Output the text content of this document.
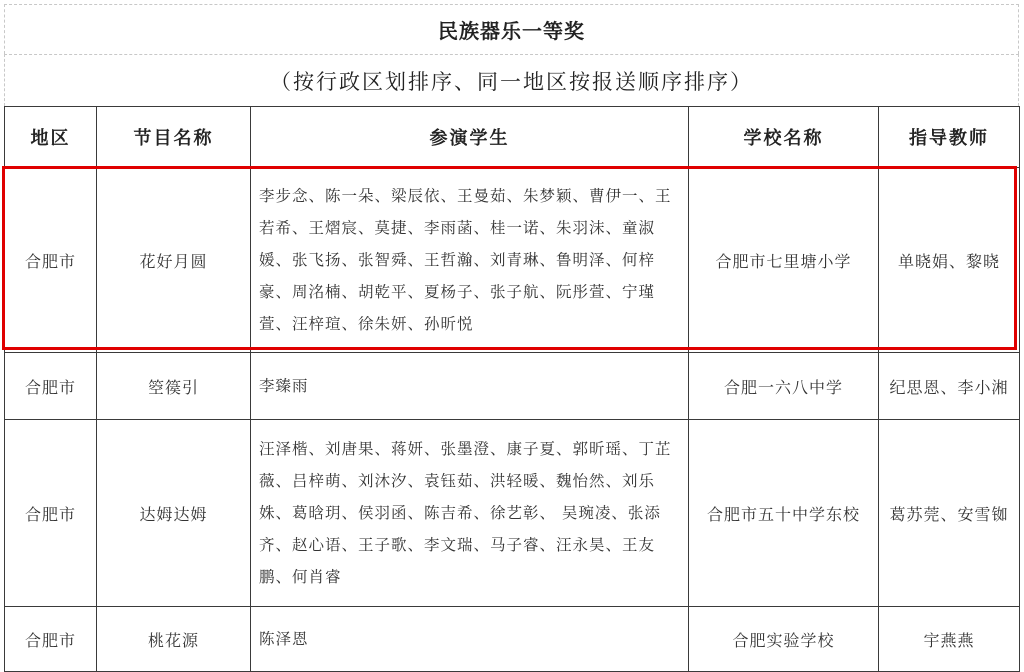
民族器乐一等奖
（按行政区划排序、同一地区按报送顺序排序）
地区	节目名称	参演学生	学校名称	指导教师
合肥市	花好月圆	李步念、陈一朵、梁辰依、王曼茹、朱梦颖、曹伊一、王若希、王熠宸、莫捷、李雨菡、桂一诺、朱羽沫、童淑媛、张飞扬、张智舜、王哲瀚、刘青琳、鲁明泽、何梓豪、周洺楠、胡乾平、夏杨子、张子航、阮彤萱、宁瑾萱、汪梓瑄、徐朱妍、孙昕悦	合肥市七里塘小学	单晓娟、黎晓
合肥市	箜篌引	李臻雨	合肥一六八中学	纪思恩、李小湘
合肥市	达姆达姆	汪泽楷、刘唐果、蒋妍、张墨澄、康子夏、郭昕瑶、丁芷薇、吕梓萌、刘沐汐、袁钰茹、洪轻暖、魏怡然、刘乐姝、葛晗玥、侯羽函、陈吉希、徐艺彰、 吴琬凌、张添齐、赵心语、王子歌、李文瑞、马子睿、汪永昊、王友鹏、何肖睿	合肥市五十中学东校	葛苏莞、安雪铷
合肥市	桃花源	陈泽恩	合肥实验学校	宇燕燕
